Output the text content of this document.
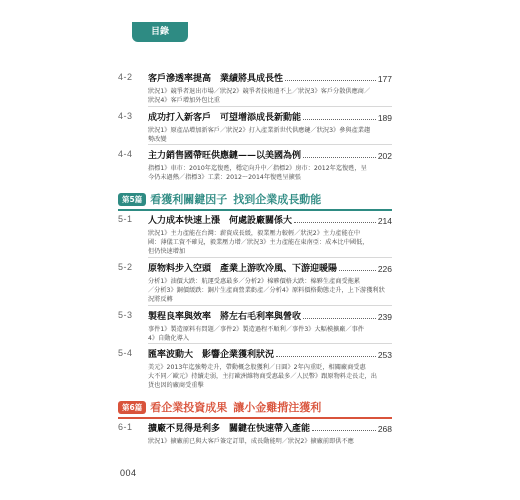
目錄
4-2	客戶滲透率提高　業績將具成長性	177
狀況1》競爭者退出市場／狀況2》競爭者技術遠不上／狀況3》客戶分散供應商／
狀況4》客戶增加外包比重
4-3	成功打入新客戶　可望增添成長新動能	189
狀況1》原產品增加新客戶／狀況2》打入產業新世代供應鏈／狀況3》參與產業趨
勢改變
4-4	主力銷售國帶旺供應鏈——以美國為例	202
指標1》車市：2010年迄復甦，穩定向升中／指標2》房市：2012年迄復甦，呈
今仍未過熱／指標3》工業：2012～2014年復甦呈擴張
第5篇 看獲利關鍵因子 找到企業成長動能
5-1	人力成本快速上漲　何處設廠關係大	214
狀況1》主力產能在台灣：薪資成長緩，毅業壓力較輕／狀況2》主力產能在中
國：薄儀工資不確見，毅業壓力增／狀況3》主力產能在東南亞：成本比中國低，
但仍快速增加
5-2	原物料步入空頭　產業上游吹冷風、下游迎暖陽	226
分析1》油價大跌：航運受惠最多／分析2》棉夥價格大跌：棉夥生產商受拖累
／分析3》銅價緩跌：銅片生產商營業虧產／分析4》原料價格動態走升，上下游獲利狀
況將反轉
5-3	製程良率與效率　將左右毛利率與營收	239
事件1》製造原料有問題／事件2》製造過程不順利／事件3》大幅模擴廠／事件
4》自動化導入
5-4	匯率波動大　影響企業獲利狀況	253
美元》2013年迄強勢走升，帶動概念股獲利／日圓》2年內重貶，相關廠商受惠
大不同／歐元》持續走弱，主打歐洲維物商受惠最多／人民幣》跟原物料走長走，出
貨也因的廠商受重擊
第6篇 看企業投資成果 讓小金雞揹注獲利
6-1	擴廠不見得是利多　關鍵在快速帶入產能	268
狀況1》擴廠前已與大客戶簽定訂單，成長動能明／狀況2》擴廠前即供不應
004
